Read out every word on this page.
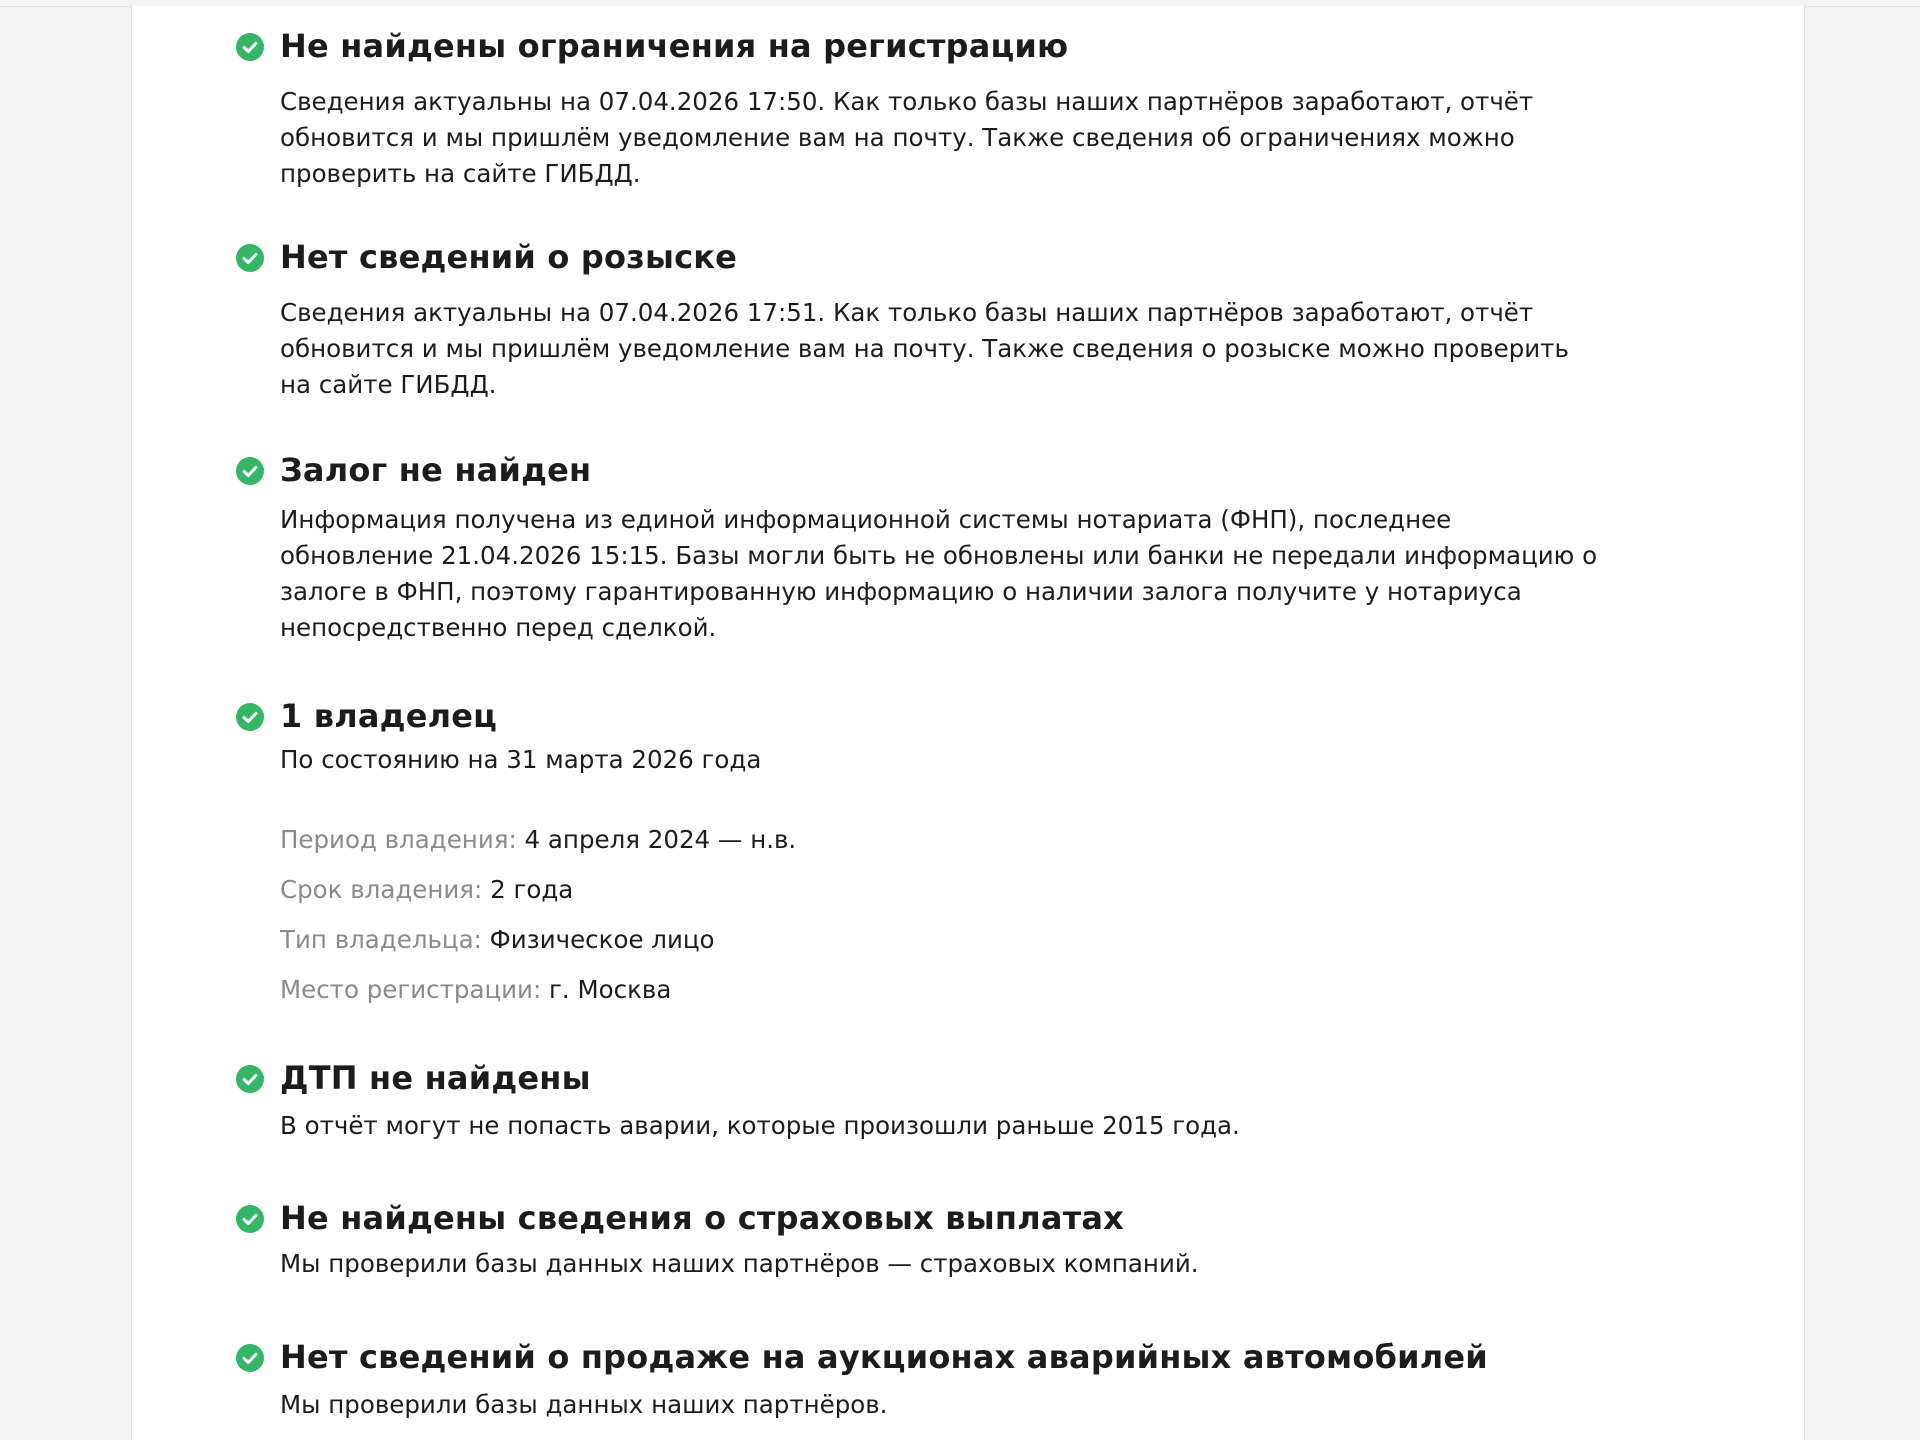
Не найдены ограничения на регистрацию

Сведения актуальны на 07.04.2026 17:50. Как только базы наших партнёров заработают, отчёт
обновится и мы пришлём уведомление вам на почту. Также сведения об ограничениях можно
проверить на сайте ГИБДД.

Нет сведений о розыске

Сведения актуальны на 07.04.2026 17:51. Как только базы наших партнёров заработают, отчёт
обновится и мы пришлём уведомление вам на почту. Также сведения о розыске можно проверить
на сайте ГИБДД.

Залог не найден

Информация получена из единой информационной системы нотариата (ФНП), последнее
обновление 21.04.2026 15:15. Базы могли быть не обновлены или банки не передали информацию о
залоге в ФНП, поэтому гарантированную информацию о наличии залога получите у нотариуса
непосредственно перед сделкой.

1 владелец

По состоянию на 31 марта 2026 года

Период владения: 4 апреля 2024 — н.в.
Срок владения: 2 года
Тип владельца: Физическое лицо
Место регистрации: г. Москва
ДТП не найдены

В отчёт могут не попасть аварии, которые произошли раньше 2015 года.

Не найдены сведения о страховых выплатах

Мы проверили базы данных наших партнёров — страховых компаний.

Нет сведений о продаже на аукционах аварийных автомобилей

Мы проверили базы данных наших партнёров.
